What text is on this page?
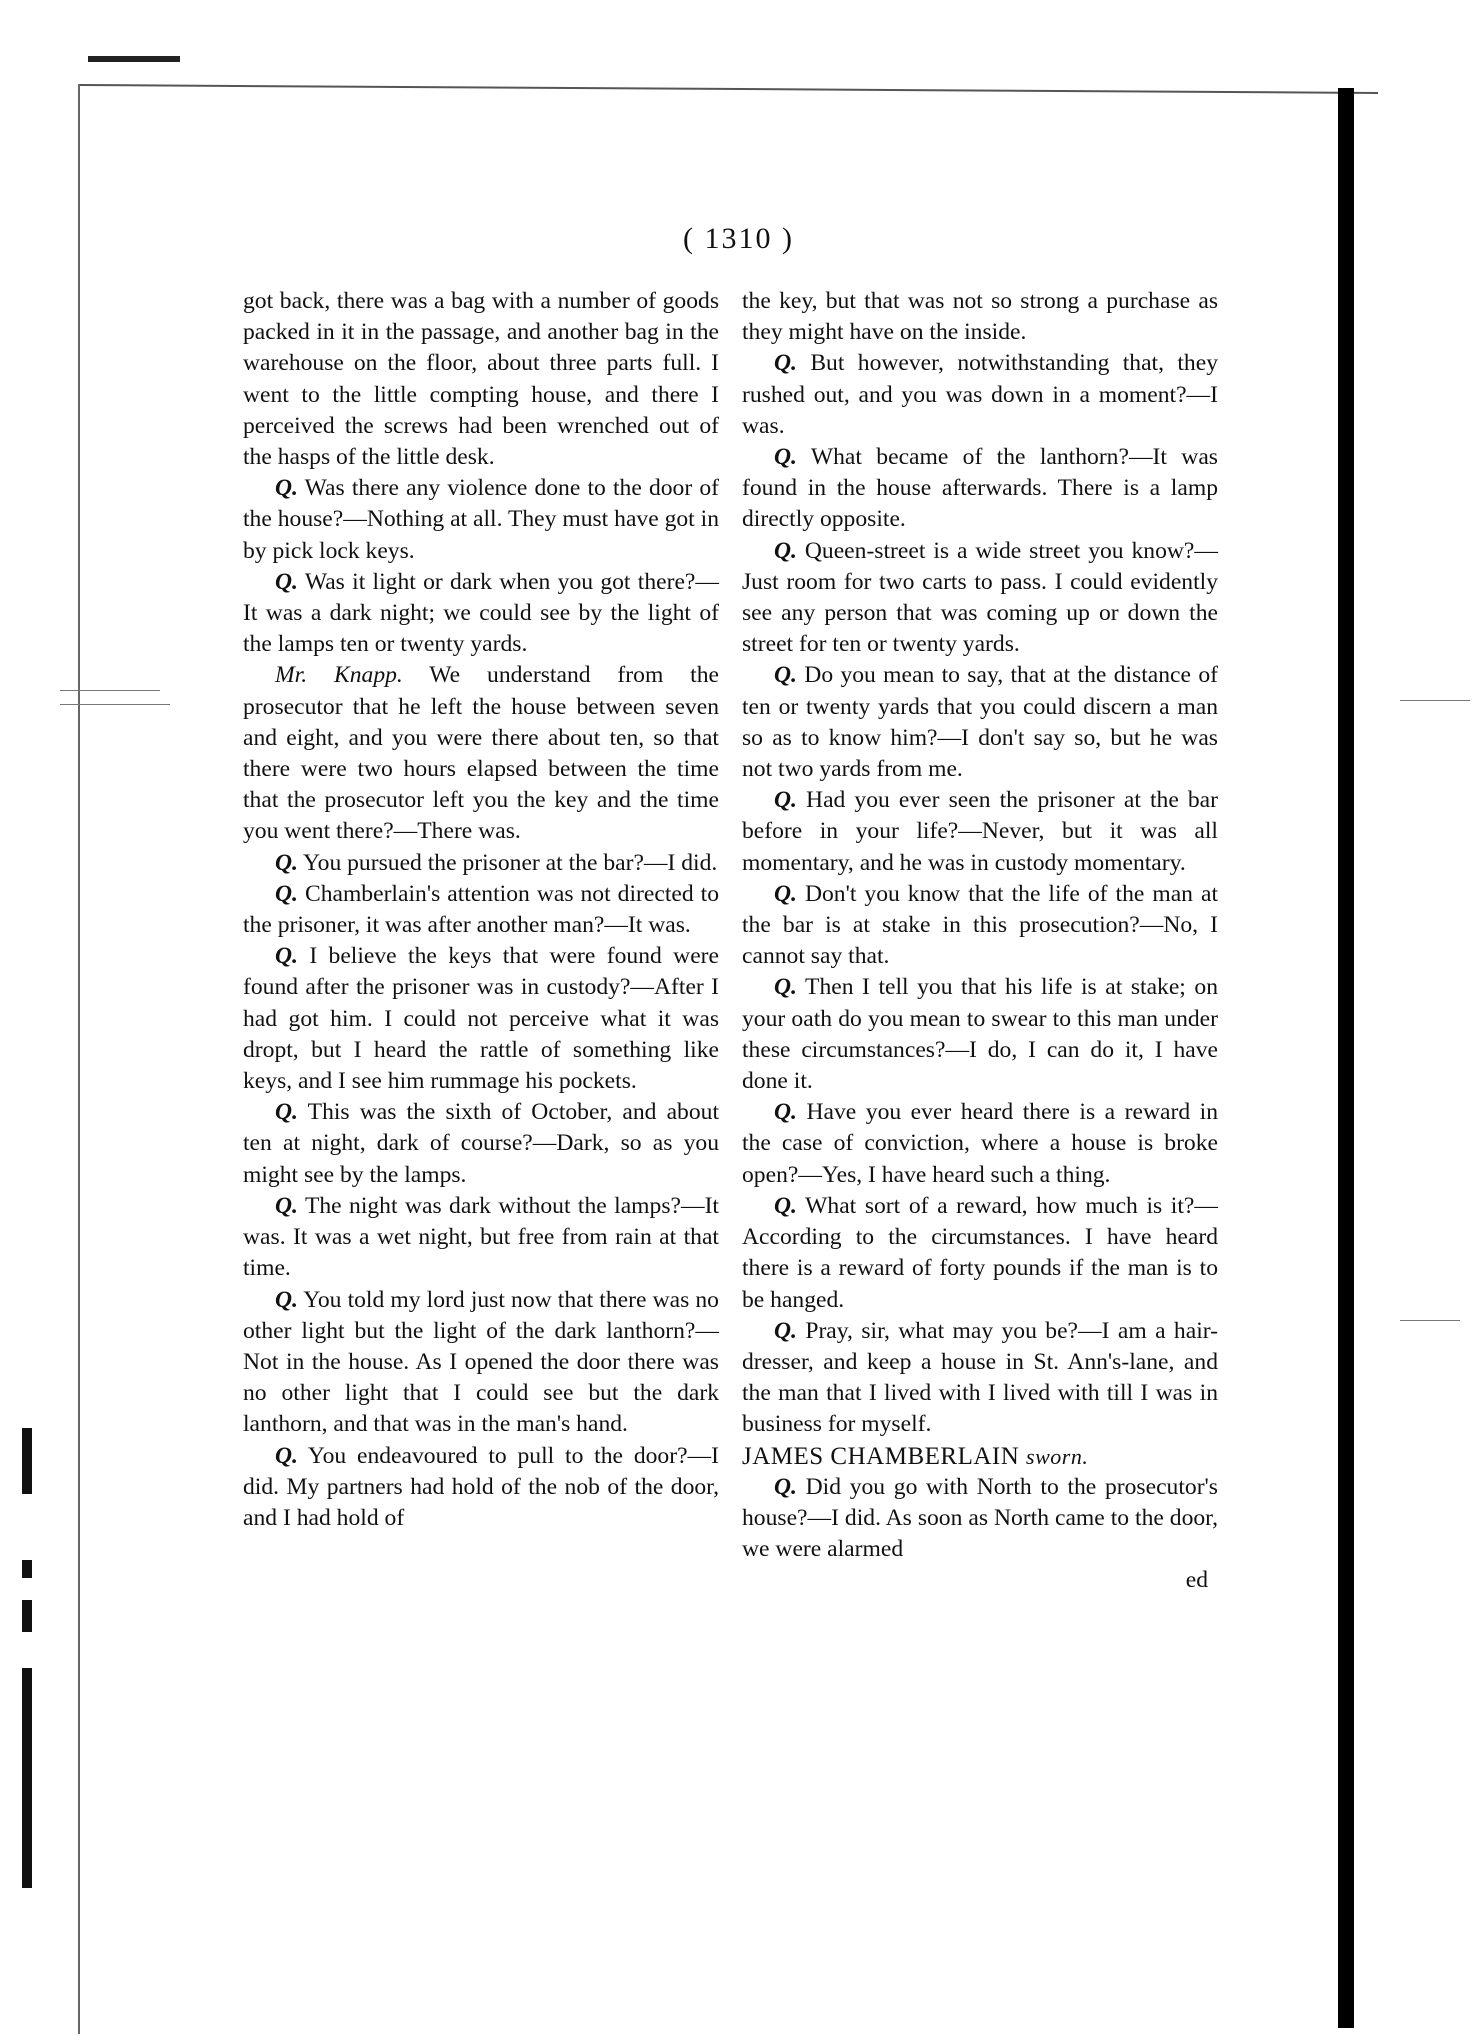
( 1310 )

got back, there was a bag with a number of goods packed in it in the passage, and another bag in the warehouse on the floor, about three parts full. I went to the little compting house, and there I perceived the screws had been wrenched out of the hasps of the little desk.

Q. Was there any violence done to the door of the house?—Nothing at all. They must have got in by pick lock keys.

Q. Was it light or dark when you got there?—It was a dark night; we could see by the light of the lamps ten or twenty yards.

Mr. Knapp. We understand from the prosecutor that he left the house between seven and eight, and you were there about ten, so that there were two hours elapsed between the time that the prosecutor left you the key and the time you went there?—There was.

Q. You pursued the prisoner at the bar?—I did.

Q. Chamberlain's attention was not directed to the prisoner, it was after another man?—It was.

Q. I believe the keys that were found were found after the prisoner was in custody?—After I had got him. I could not perceive what it was dropt, but I heard the rattle of something like keys, and I see him rummage his pockets.

Q. This was the sixth of October, and about ten at night, dark of course?—Dark, so as you might see by the lamps.

Q. The night was dark without the lamps?—It was. It was a wet night, but free from rain at that time.

Q. You told my lord just now that there was no other light but the light of the dark lanthorn?—Not in the house. As I opened the door there was no other light that I could see but the dark lanthorn, and that was in the man's hand.

Q. You endeavoured to pull to the door?—I did. My partners had hold of the nob of the door, and I had hold of

the key, but that was not so strong a purchase as they might have on the inside.

Q. But however, notwithstanding that, they rushed out, and you was down in a moment?—I was.

Q. What became of the lanthorn?—It was found in the house afterwards. There is a lamp directly opposite.

Q. Queen-street is a wide street you know?—Just room for two carts to pass. I could evidently see any person that was coming up or down the street for ten or twenty yards.

Q. Do you mean to say, that at the distance of ten or twenty yards that you could discern a man so as to know him?—I don't say so, but he was not two yards from me.

Q. Had you ever seen the prisoner at the bar before in your life?—Never, but it was all momentary, and he was in custody momentary.

Q. Don't you know that the life of the man at the bar is at stake in this prosecution?—No, I cannot say that.

Q. Then I tell you that his life is at stake; on your oath do you mean to swear to this man under these circumstances?—I do, I can do it, I have done it.

Q. Have you ever heard there is a reward in the case of conviction, where a house is broke open?—Yes, I have heard such a thing.

Q. What sort of a reward, how much is it?—According to the circumstances. I have heard there is a reward of forty pounds if the man is to be hanged.

Q. Pray, sir, what may you be?—I am a hair-dresser, and keep a house in St. Ann's-lane, and the man that I lived with I lived with till I was in business for myself.

JAMES CHAMBERLAIN sworn.

Q. Did you go with North to the prosecutor's house?—I did. As soon as North came to the door, we were alarmed

ed
